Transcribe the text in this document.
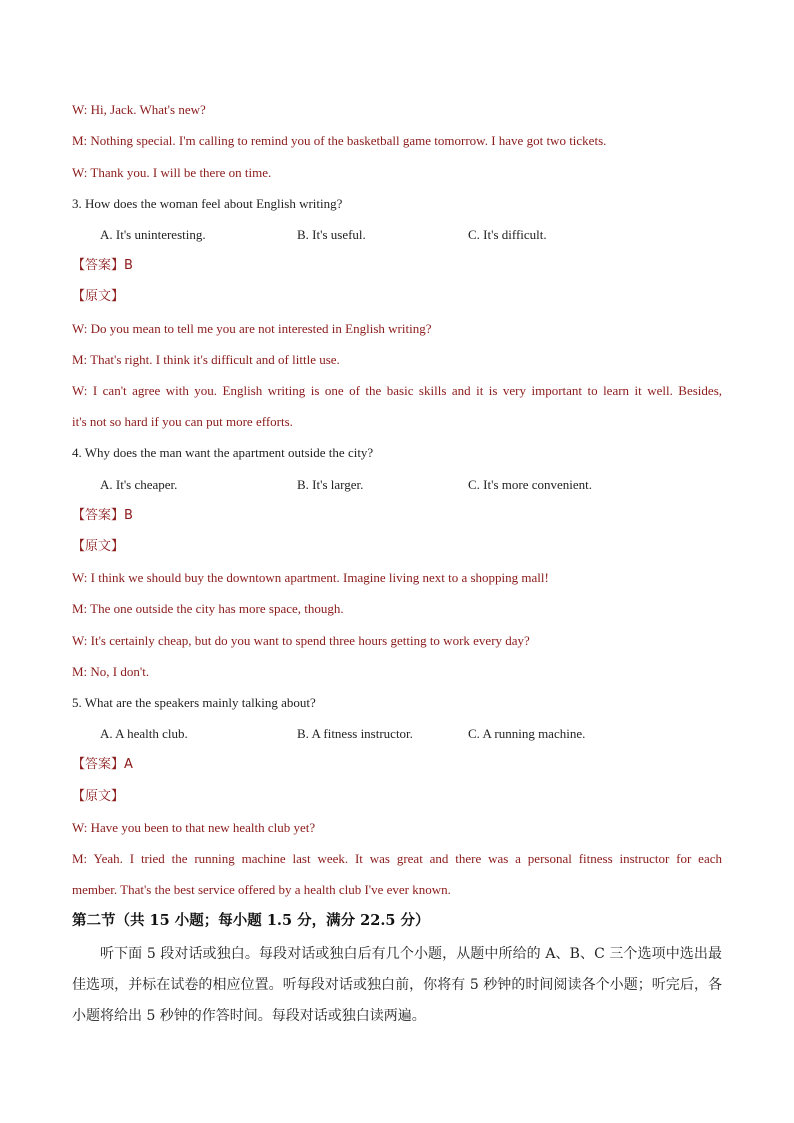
W: Hi, Jack. What's new?
M: Nothing special. I'm calling to remind you of the basketball game tomorrow. I have got two tickets.
W: Thank you. I will be there on time.
3. How does the woman feel about English writing?
A. It's uninteresting.	B. It's useful.	C. It's difficult.
【答案】B
【原文】
W: Do you mean to tell me you are not interested in English writing?
M: That's right. I think it's difficult and of little use.
W: I can't agree with you. English writing is one of the basic skills and it is very important to learn it well. Besides,
it's not so hard if you can put more efforts.
4. Why does the man want the apartment outside the city?
A. It's cheaper.	B. It's larger.	C. It's more convenient.
【答案】B
【原文】
W: I think we should buy the downtown apartment. Imagine living next to a shopping mall!
M: The one outside the city has more space, though.
W: It's certainly cheap, but do you want to spend three hours getting to work every day?
M: No, I don't.
5. What are the speakers mainly talking about?
A. A health club.	B. A fitness instructor.	C. A running machine.
【答案】A
【原文】
W: Have you been to that new health club yet?
M: Yeah. I tried the running machine last week. It was great and there was a personal fitness instructor for each
member. That's the best service offered by a health club I've ever known.
第二节（共 15 小题；每小题 1.5 分，满分 22.5 分）
听下面 5 段对话或独白。每段对话或独白后有几个小题，从题中所给的 A、B、C 三个选项中选出最佳选项，并标在试卷的相应位置。听每段对话或独白前，你将有 5 秒钟的时间阅读各个小题；听完后，各小题将给出 5 秒钟的作答时间。每段对话或独白读两遍。
